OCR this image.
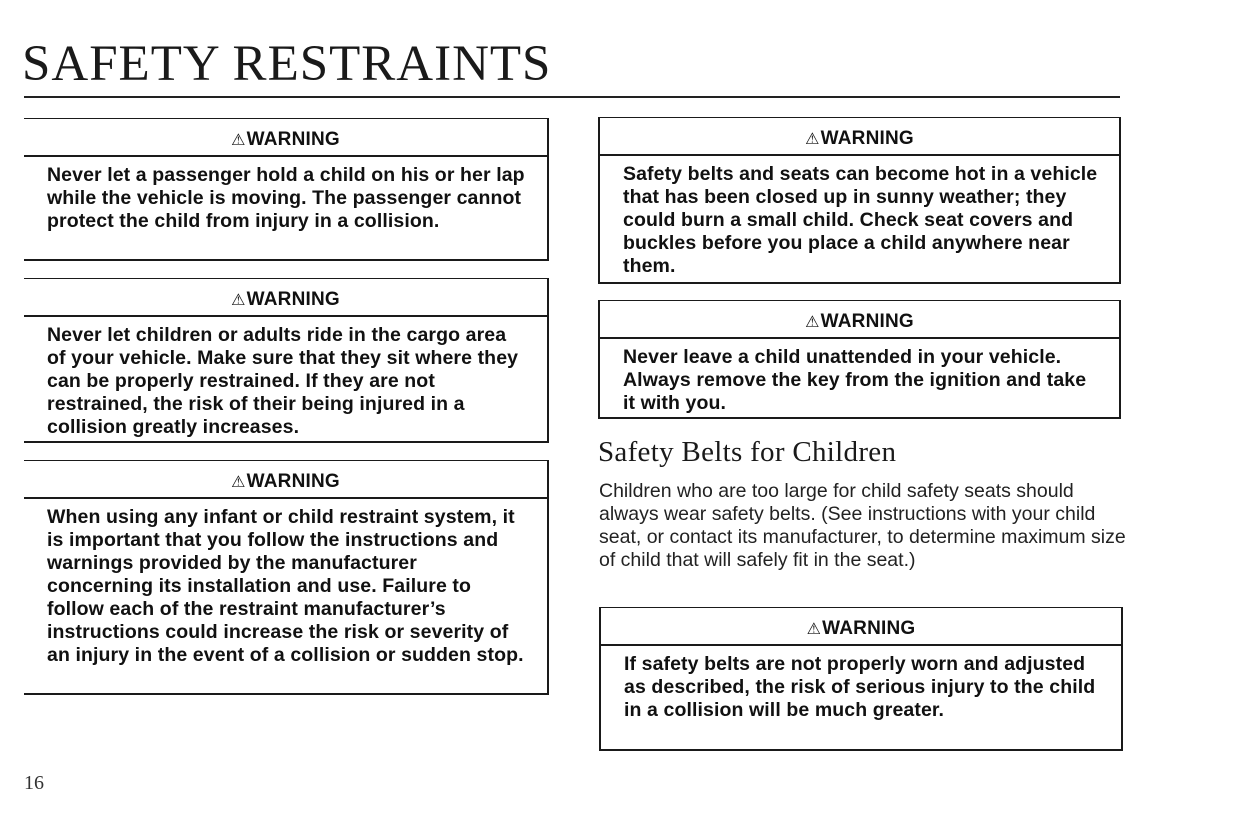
SAFETY RESTRAINTS
⚠WARNING
Never let a passenger hold a child on his or her lap while the vehicle is moving. The passenger cannot protect the child from injury in a collision.
⚠WARNING
Never let children or adults ride in the cargo area of your vehicle. Make sure that they sit where they can be properly restrained. If they are not restrained, the risk of their being injured in a collision greatly increases.
⚠WARNING
When using any infant or child restraint system, it is important that you follow the instructions and warnings provided by the manufacturer concerning its installation and use. Failure to follow each of the restraint manufacturer’s instructions could increase the risk or severity of an injury in the event of a collision or sudden stop.
⚠WARNING
Safety belts and seats can become hot in a vehicle that has been closed up in sunny weather; they could burn a small child. Check seat covers and buckles before you place a child anywhere near them.
⚠WARNING
Never leave a child unattended in your vehicle. Always remove the key from the ignition and take it with you.
Safety Belts for Children

Children who are too large for child safety seats should always wear safety belts. (See instructions with your child seat, or contact its manufacturer, to determine maximum size of child that will safely fit in the seat.)

⚠WARNING
If safety belts are not properly worn and adjusted as described, the risk of serious injury to the child in a collision will be much greater.
16
